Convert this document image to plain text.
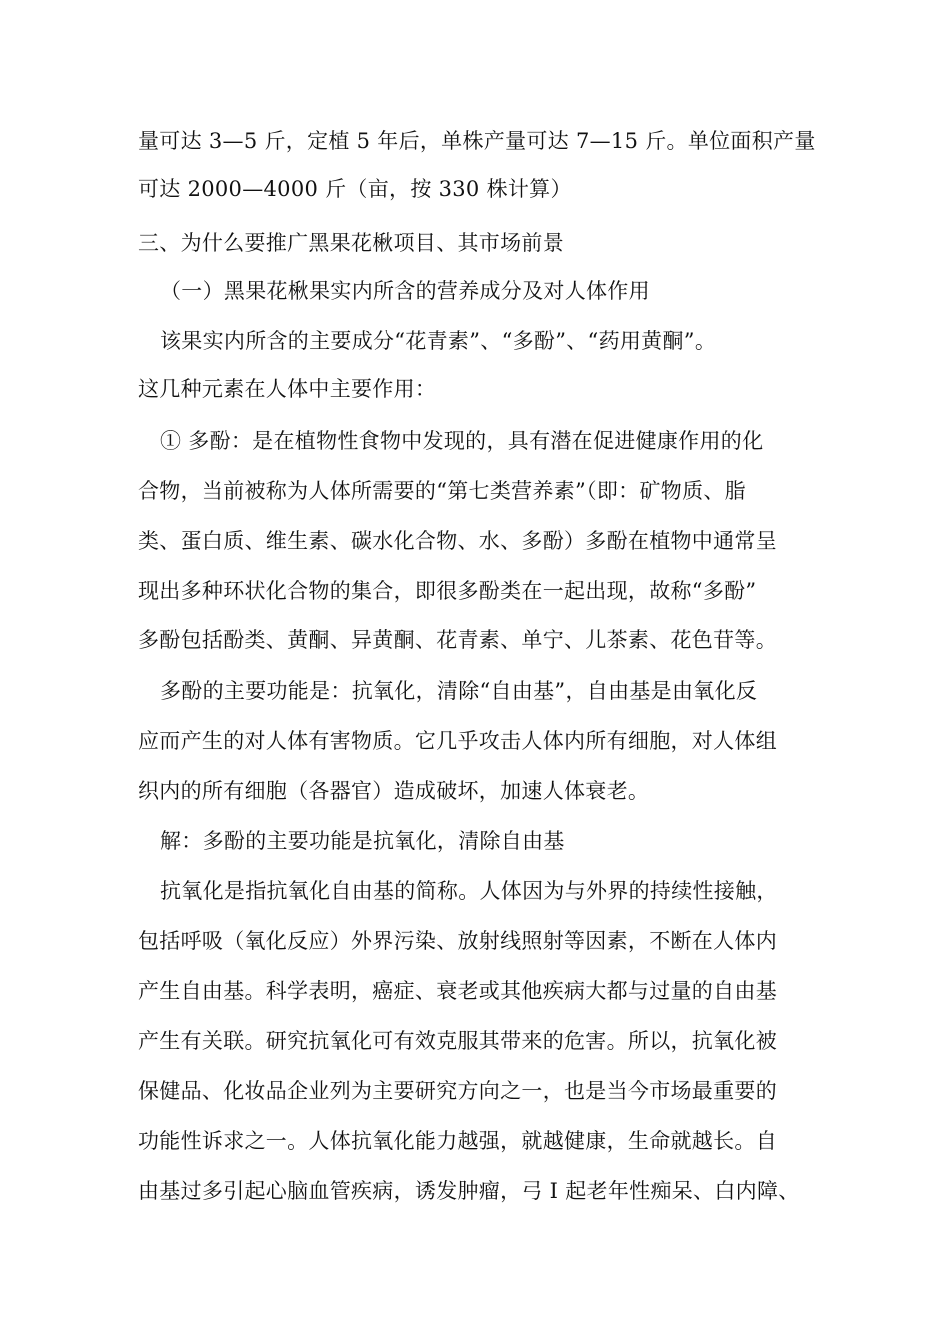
量可达 3—5 斤，定植 5 年后，单株产量可达 7—15 斤。单位面积产量
可达 2000—4000 斤（亩，按 330 株计算）
三、为什么要推广黑果花楸项目、其市场前景
（一）黑果花楸果实内所含的营养成分及对人体作用
该果实内所含的主要成分“花青素”、“多酚”、“药用黄酮”。
这几种元素在人体中主要作用：
① 多酚：是在植物性食物中发现的，具有潜在促进健康作用的化
合物，当前被称为人体所需要的“第七类营养素”（即：矿物质、脂
类、蛋白质、维生素、碳水化合物、水、多酚）多酚在植物中通常呈
现出多种环状化合物的集合，即很多酚类在一起出现，故称“多酚”
多酚包括酚类、黄酮、异黄酮、花青素、单宁、儿茶素、花色苷等。
多酚的主要功能是：抗氧化，清除“自由基”，自由基是由氧化反
应而产生的对人体有害物质。它几乎攻击人体内所有细胞，对人体组
织内的所有细胞（各器官）造成破坏，加速人体衰老。
解：多酚的主要功能是抗氧化，清除自由基
抗氧化是指抗氧化自由基的简称。人体因为与外界的持续性接触，
包括呼吸（氧化反应）外界污染、放射线照射等因素，不断在人体内
产生自由基。科学表明，癌症、衰老或其他疾病大都与过量的自由基
产生有关联。研究抗氧化可有效克服其带来的危害。所以，抗氧化被
保健品、化妆品企业列为主要研究方向之一，也是当今市场最重要的
功能性诉求之一。人体抗氧化能力越强，就越健康，生命就越长。自
由基过多引起心脑血管疾病，诱发肿瘤，弓 I 起老年性痴呆、白内障、
